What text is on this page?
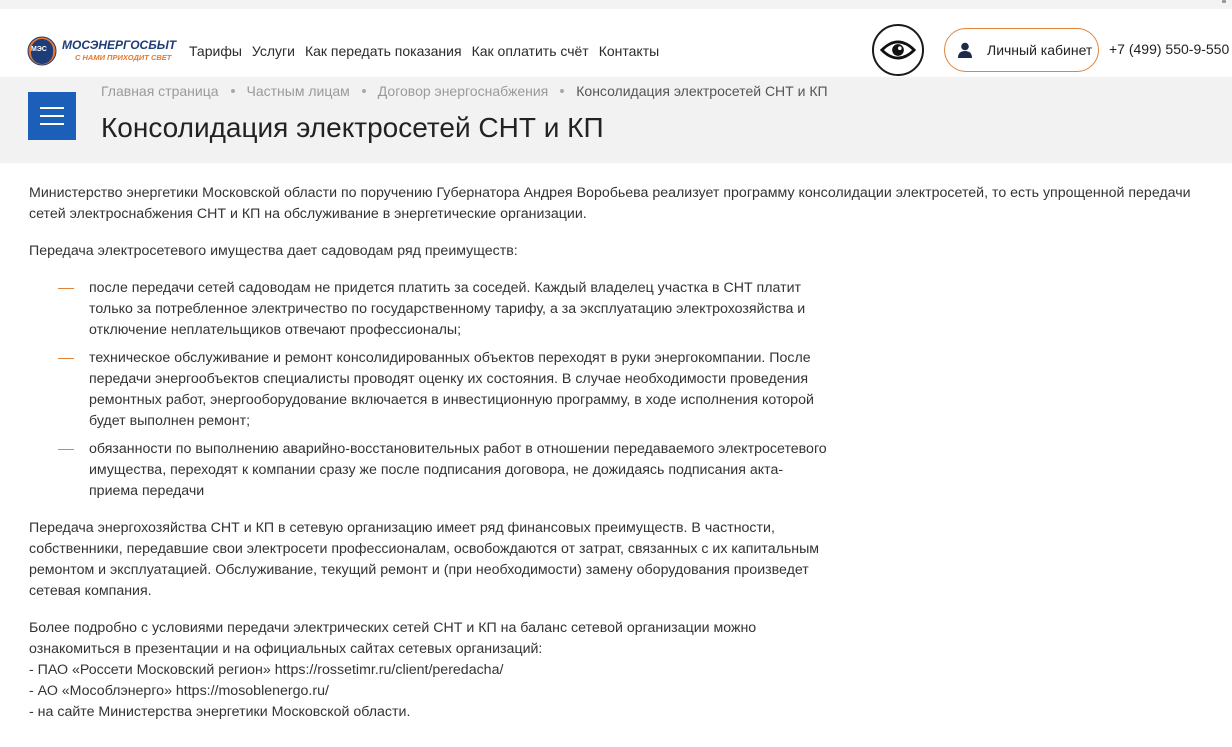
МЭС МОСЭНЕРГОСБЫТ
С НАМИ ПРИХОДИТ СВЕТ Тарифы Услуги Как передать показания Как оплатить счёт Контакты	Личный кабинет +7 (499) 550-9-550
Главная страница Частным лицам Договор энергоснабжения Консолидация электросетей СНТ и КП
Консолидация электросетей СНТ и КП

Министерство энергетики Московской области по поручению Губернатора Андрея Воробьева реализует программу консолидации электросетей, то есть упрощенной передачи сетей электроснабжения СНТ и КП на обслуживание в энергетические организации.

Передача электросетевого имущества дает садоводам ряд преимуществ:

после передачи сетей садоводам не придется платить за соседей. Каждый владелец участка в СНТ платит только за потребленное электричество по государственному тарифу, а за эксплуатацию электрохозяйства и отключение неплательщиков отвечают профессионалы;
техническое обслуживание и ремонт консолидированных объектов переходят в руки энергокомпании. После передачи энергообъектов специалисты проводят оценку их состояния. В случае необходимости проведения ремонтных работ, энергооборудование включается в инвестиционную программу, в ходе исполнения которой будет выполнен ремонт;
обязанности по выполнению аварийно-восстановительных работ в отношении передаваемого электросетевого имущества, переходят к компании сразу же после подписания договора, не дожидаясь подписания акта-приема передачи

Передача энергохозяйства СНТ и КП в сетевую организацию имеет ряд финансовых преимуществ. В частности, собственники, передавшие свои электросети профессионалам, освобождаются от затрат, связанных с их капитальным ремонтом и эксплуатацией. Обслуживание, текущий ремонт и (при необходимости) замену оборудования произведет сетевая компания.

Более подробно с условиями передачи электрических сетей СНТ и КП на баланс сетевой организации можно
ознакомиться в презентации и на официальных сайтах сетевых организаций:
- ПАО «Россети Московский регион» https://rossetimr.ru/client/peredacha/
- АО «Мособлэнерго» https://mosoblenergo.ru/
- на сайте Министерства энергетики Московской области.
